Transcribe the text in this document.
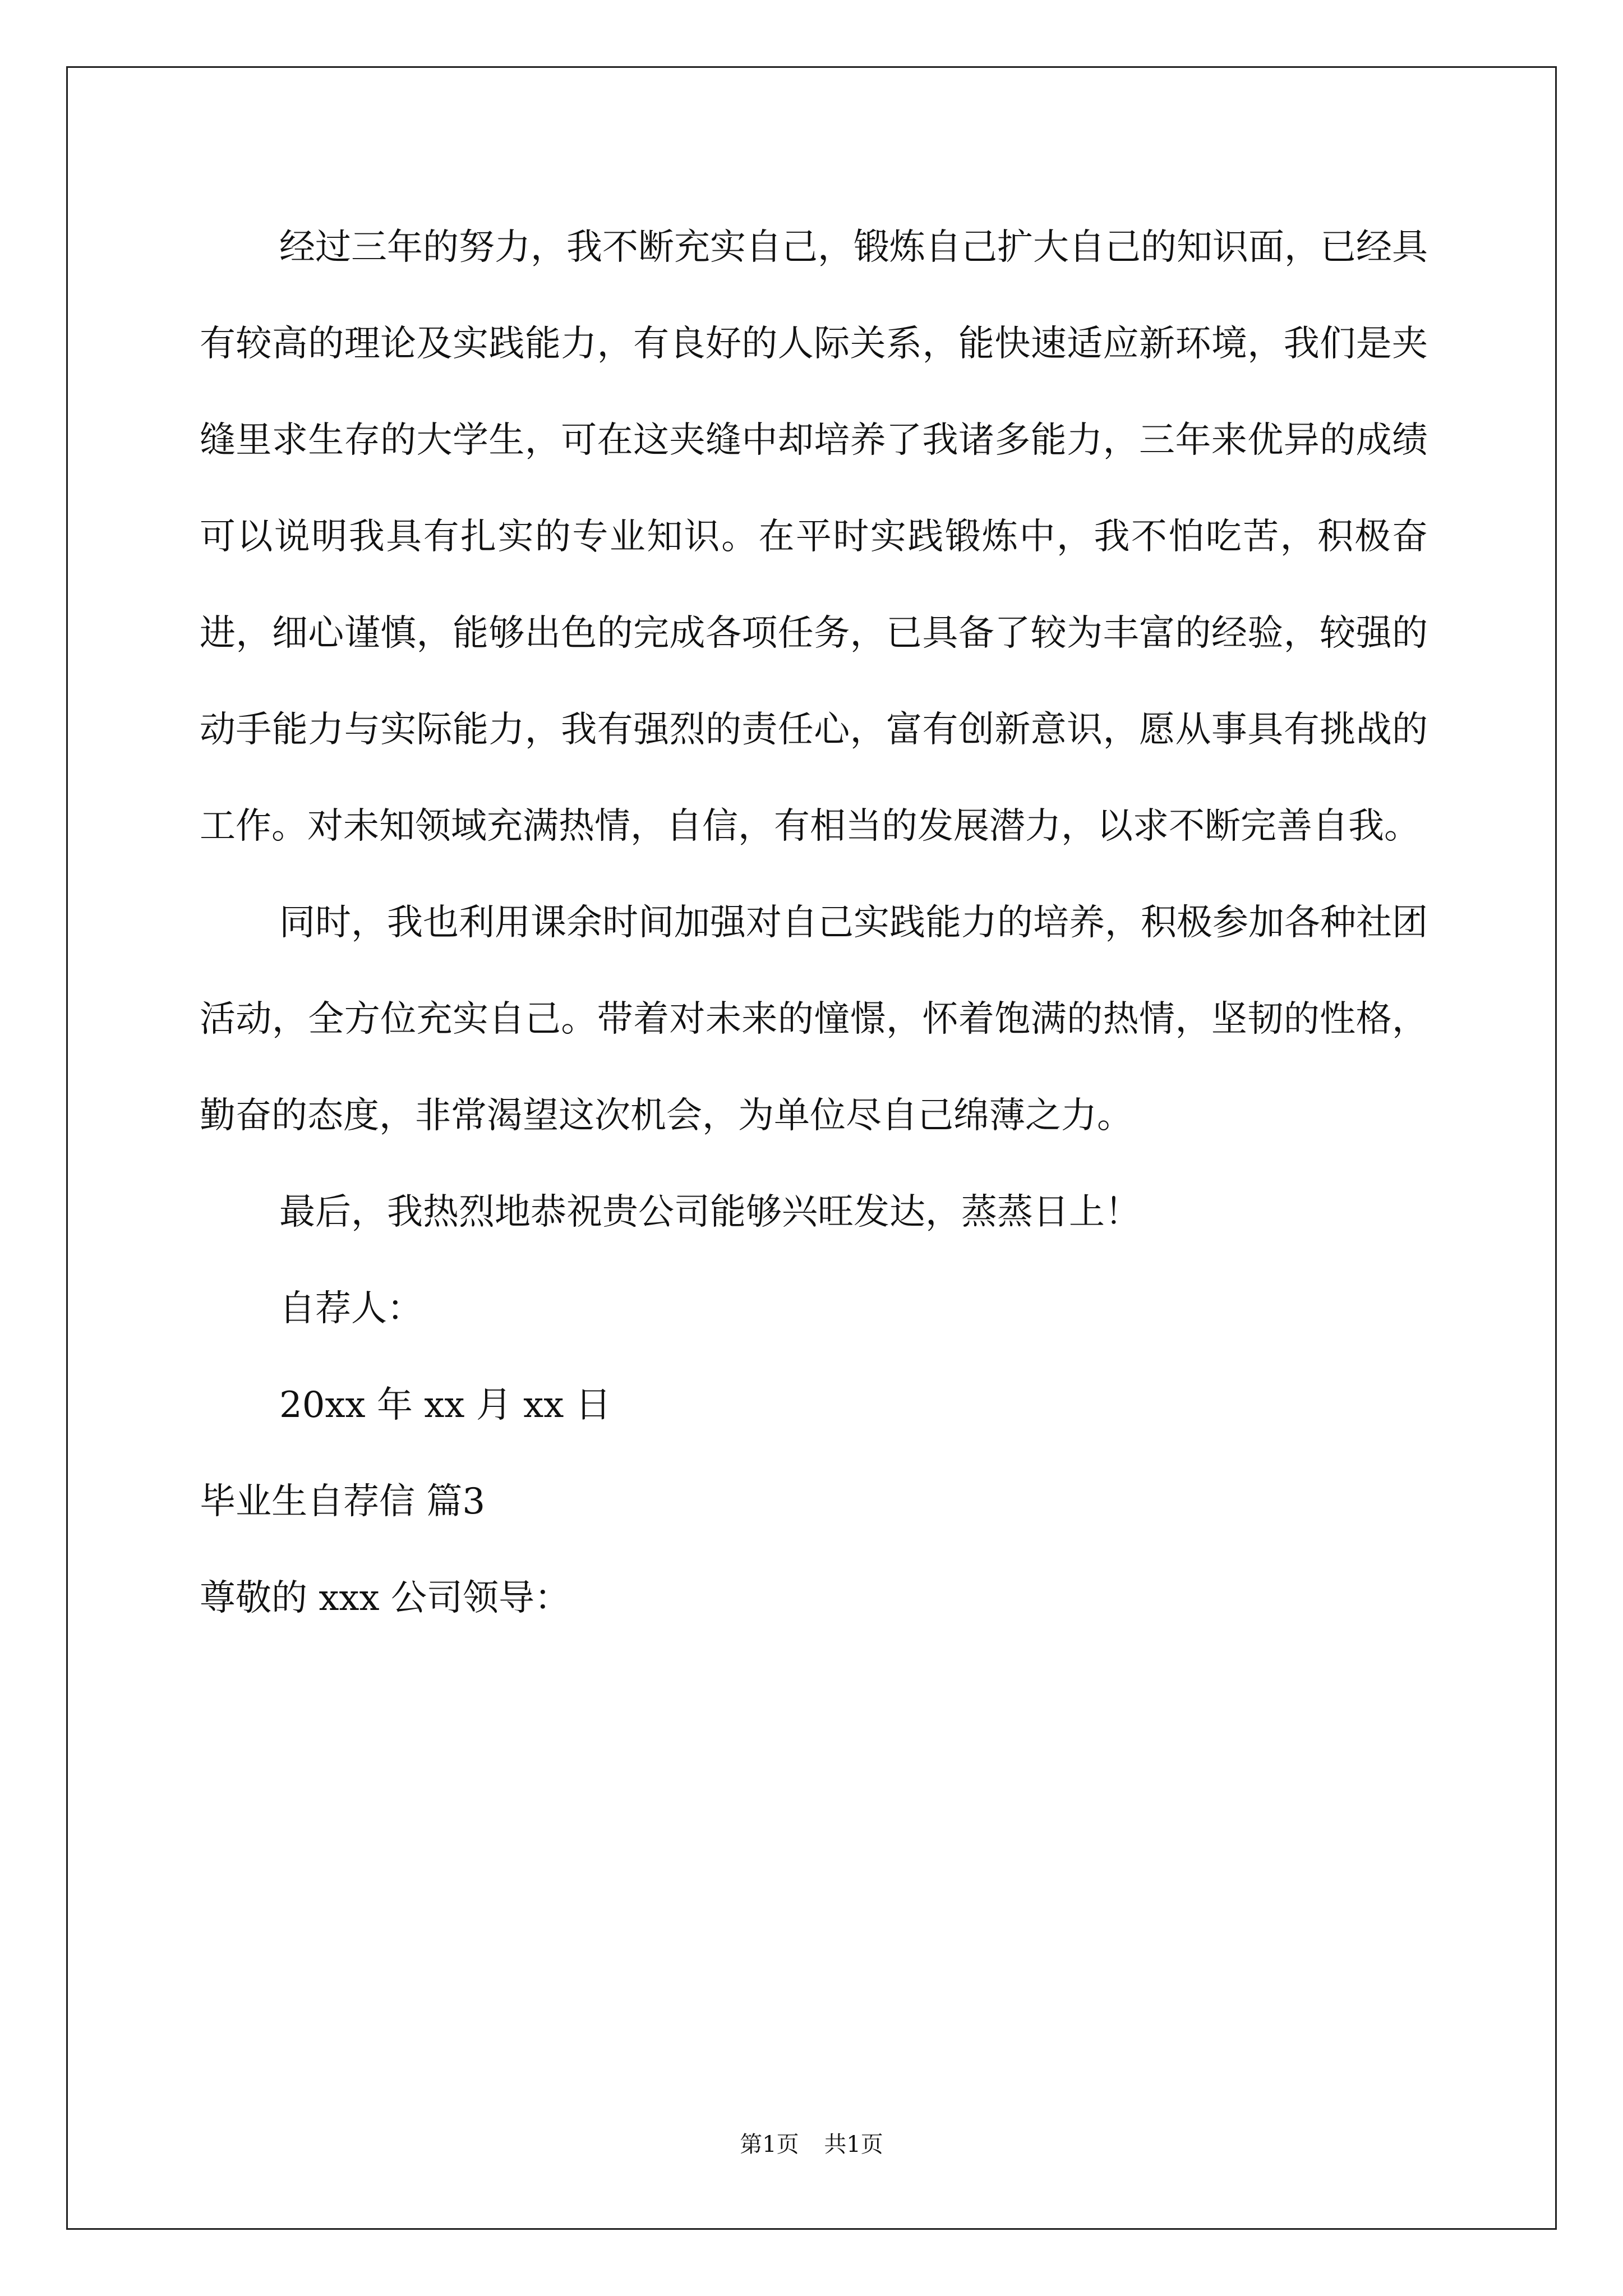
经过三年的努力，我不断充实自己，锻炼自己扩大自己的知识面，已经具有较高的理论及实践能力，有良好的人际关系，能快速适应新环境，我们是夹缝里求生存的大学生，可在这夹缝中却培养了我诸多能力，三年来优异的成绩可以说明我具有扎实的专业知识。在平时实践锻炼中，我不怕吃苦，积极奋进，细心谨慎，能够出色的完成各项任务，已具备了较为丰富的经验，较强的动手能力与实际能力，我有强烈的责任心，富有创新意识，愿从事具有挑战的工作。对未知领域充满热情，自信，有相当的发展潜力，以求不断完善自我。

同时，我也利用课余时间加强对自己实践能力的培养，积极参加各种社团活动，全方位充实自己。带着对未来的憧憬，怀着饱满的热情，坚韧的性格，勤奋的态度，非常渴望这次机会，为单位尽自己绵薄之力。

最后，我热烈地恭祝贵公司能够兴旺发达，蒸蒸日上！

自荐人：

20xx 年 xx 月 xx 日

毕业生自荐信 篇3

尊敬的 xxx 公司领导：

第1页 共1页
